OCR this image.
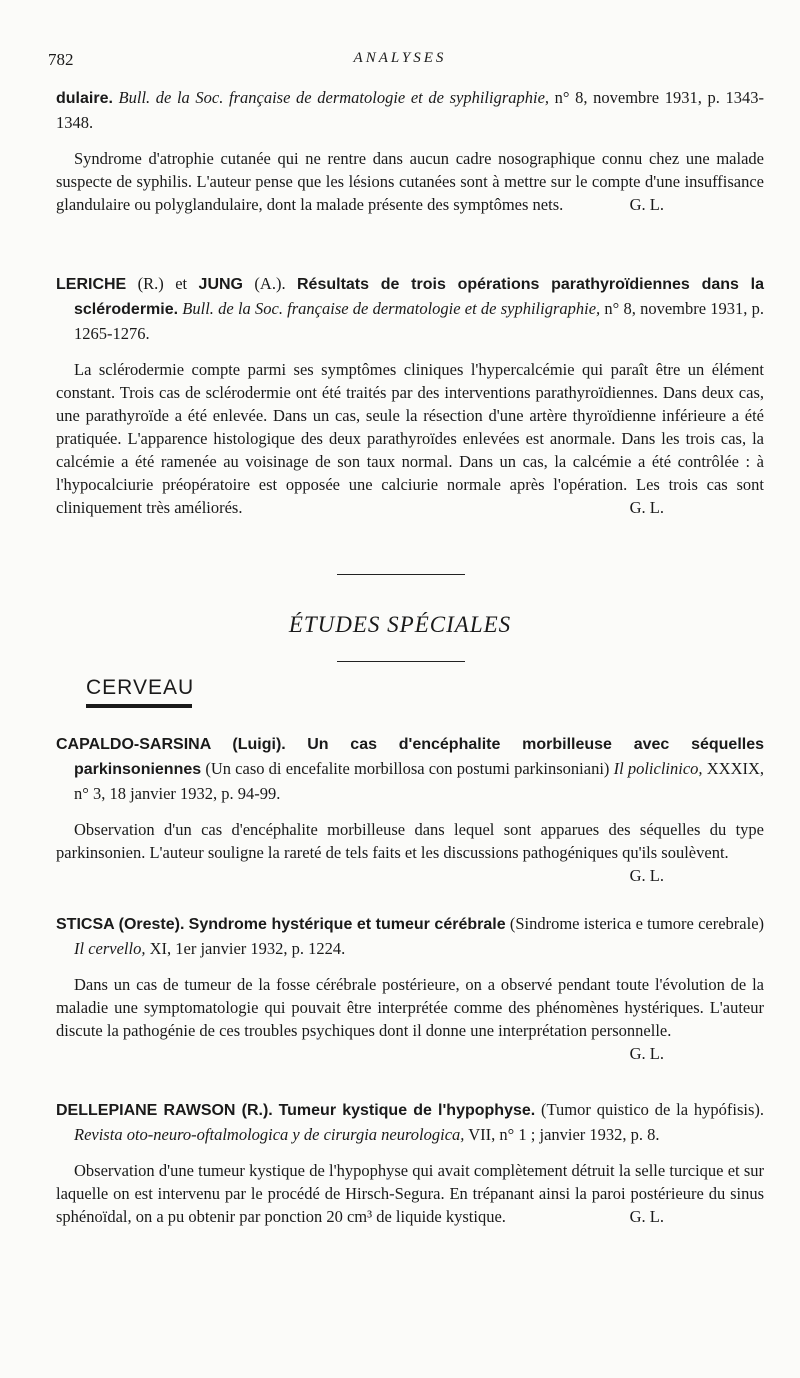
782	ANALYSES

dulaire. Bull. de la Soc. française de dermatologie et de syphiligraphie, n° 8, novembre 1931, p. 1343-1348.

Syndrome d'atrophie cutanée qui ne rentre dans aucun cadre nosographique connu chez une malade suspecte de syphilis. L'auteur pense que les lésions cutanées sont à mettre sur le compte d'une insuffisance glandulaire ou polyglandulaire, dont la malade présente des symptômes nets.	G. L.

LERICHE (R.) et JUNG (A.). Résultats de trois opérations parathyroïdiennes dans la sclérodermie. Bull. de la Soc. française de dermatologie et de syphiligraphie, n° 8, novembre 1931, p. 1265-1276.

La sclérodermie compte parmi ses symptômes cliniques l'hypercalcémie qui paraît être un élément constant. Trois cas de sclérodermie ont été traités par des interventions parathyroïdiennes. Dans deux cas, une parathyroïde a été enlevée. Dans un cas, seule la résection d'une artère thyroïdienne inférieure a été pratiquée. L'apparence histologique des deux parathyroïdes enlevées est anormale. Dans les trois cas, la calcémie a été ramenée au voisinage de son taux normal. Dans un cas, la calcémie a été contrôlée : à l'hypocalciurie préopératoire est opposée une calciurie normale après l'opération. Les trois cas sont cliniquement très améliorés.	G. L.

ÉTUDES SPÉCIALES
CERVEAU

CAPALDO-SARSINA (Luigi). Un cas d'encéphalite morbilleuse avec séquelles parkinsoniennes (Un caso di encefalite morbillosa con postumi parkinsoniani) Il policlinico, XXXIX, n° 3, 18 janvier 1932, p. 94-99.

Observation d'un cas d'encéphalite morbilleuse dans lequel sont apparues des séquelles du type parkinsonien. L'auteur souligne la rareté de tels faits et les discussions pathogéniques qu'ils soulèvent.
G. L.

STICSA (Oreste). Syndrome hystérique et tumeur cérébrale (Sindrome isterica e tumore cerebrale) Il cervello, XI, 1er janvier 1932, p. 1224.

Dans un cas de tumeur de la fosse cérébrale postérieure, on a observé pendant toute l'évolution de la maladie une symptomatologie qui pouvait être interprétée comme des phénomènes hystériques. L'auteur discute la pathogénie de ces troubles psychiques dont il donne une interprétation personnelle.
G. L.

DELLEPIANE RAWSON (R.). Tumeur kystique de l'hypophyse. (Tumor quistico de la hypófisis). Revista oto-neuro-oftalmologica y de cirurgia neurologica, VII, n° 1 ; janvier 1932, p. 8.

Observation d'une tumeur kystique de l'hypophyse qui avait complètement détruit la selle turcique et sur laquelle on est intervenu par le procédé de Hirsch-Segura. En trépanant ainsi la paroi postérieure du sinus sphénoïdal, on a pu obtenir par ponction 20 cm³ de liquide kystique.	G. L.
